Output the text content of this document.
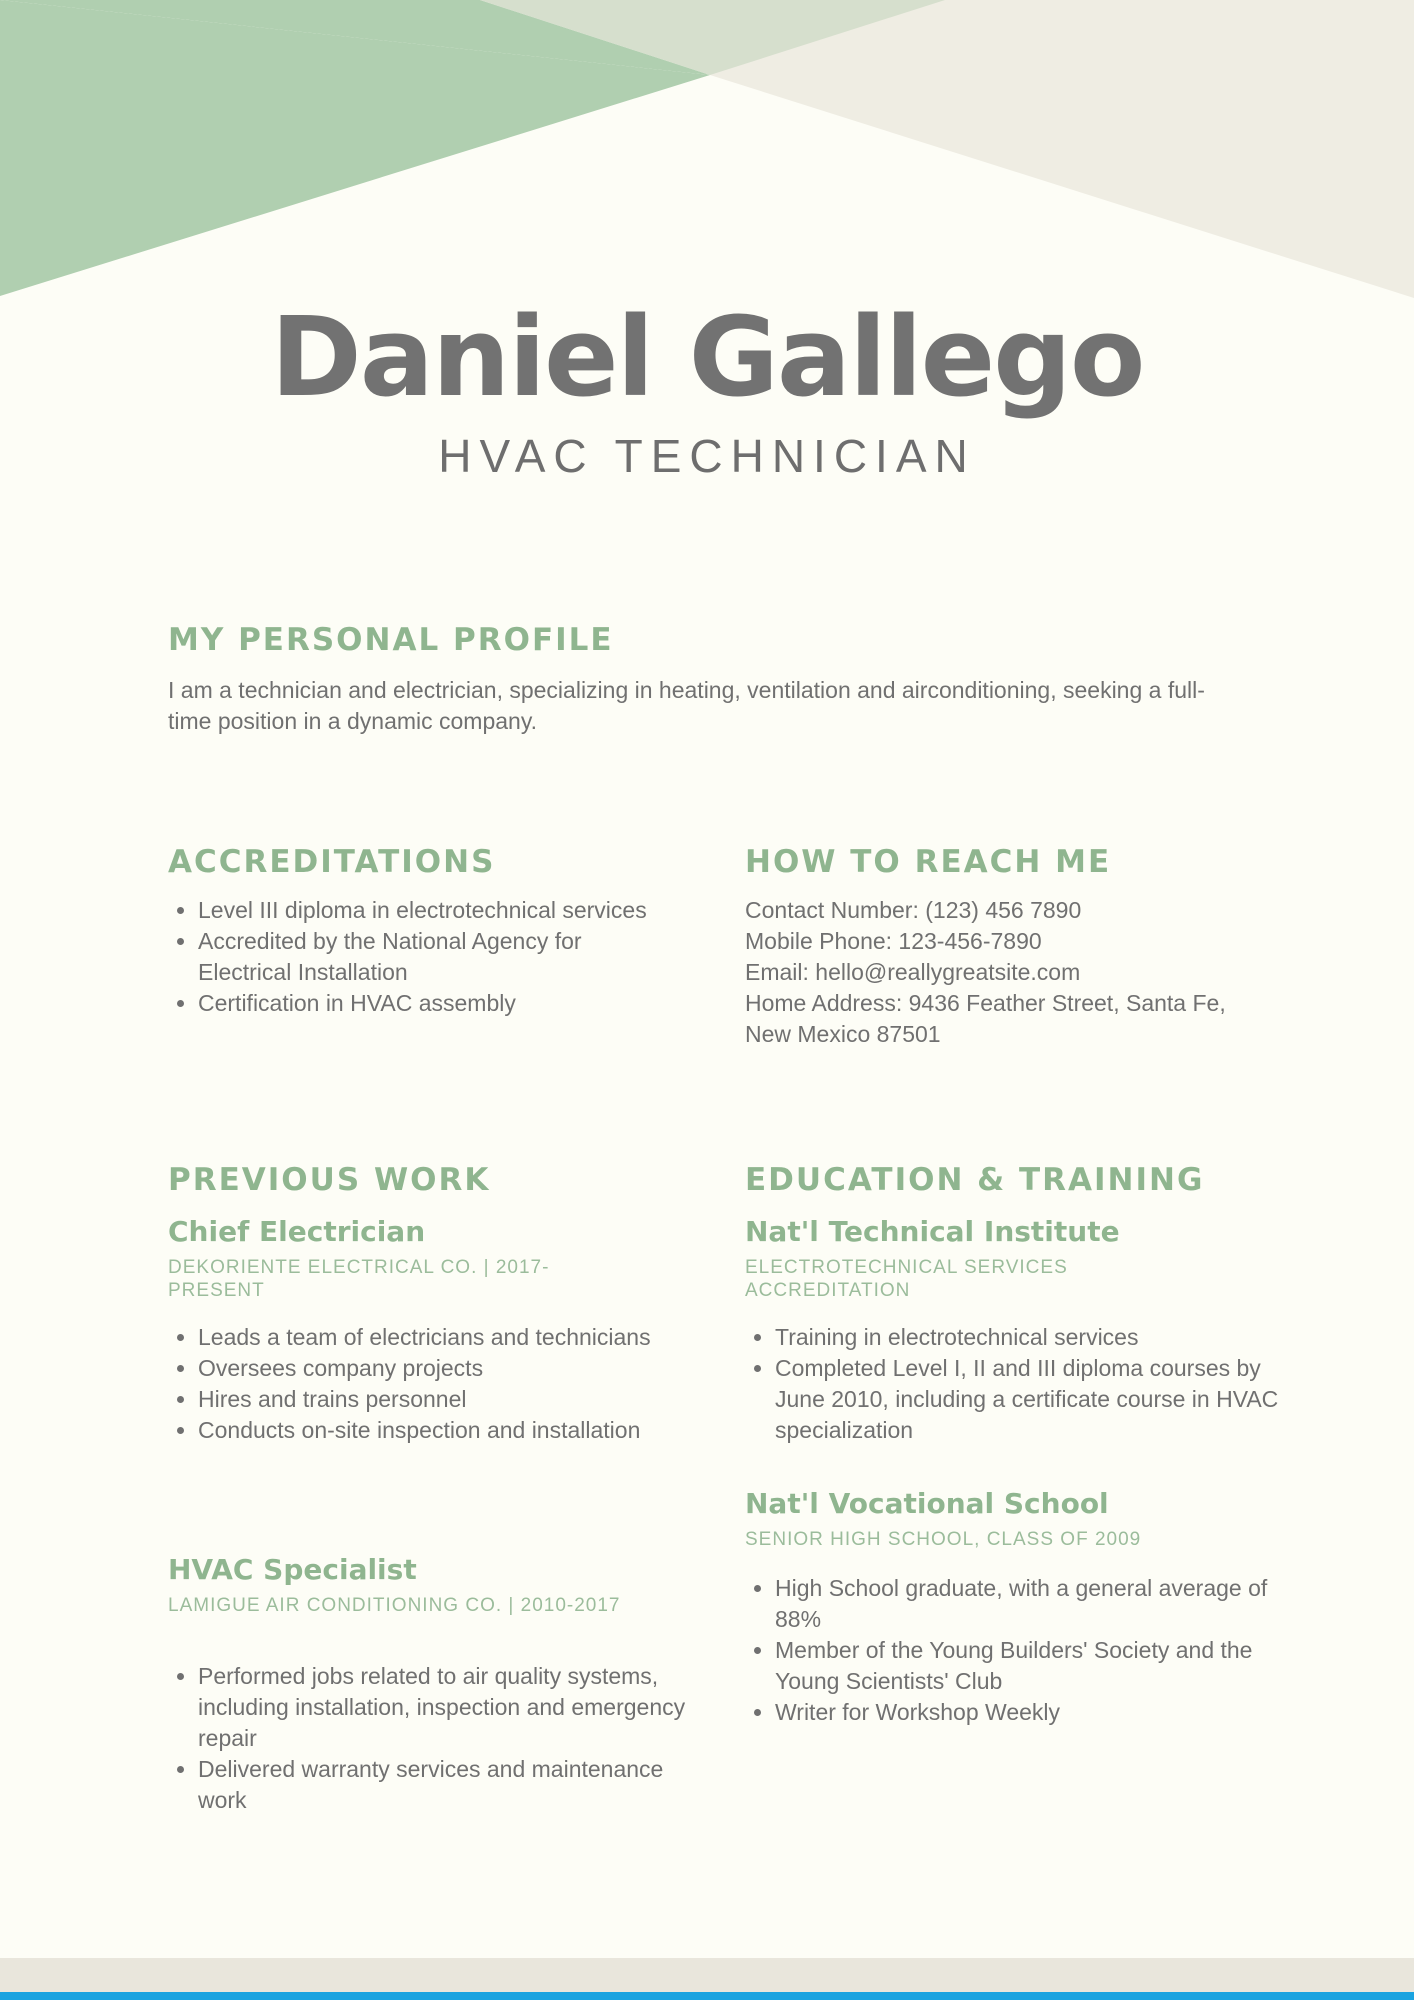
Daniel Gallego
HVAC TECHNICIAN
MY PERSONAL PROFILE

I am a technician and electrician, specializing in heating, ventilation and airconditioning, seeking a full-time position in a dynamic company.

ACCREDITATIONS
• Level III diploma in electrotechnical services
• Accredited by the National Agency for Electrical Installation
• Certification in HVAC assembly
HOW TO REACH ME
Contact Number: (123) 456 7890
Mobile Phone: 123-456-7890
Email: hello@reallygreatsite.com
Home Address: 9436 Feather Street, Santa Fe, New Mexico 87501
PREVIOUS WORK
Chief Electrician

DEKORIENTE ELECTRICAL CO. | 2017-PRESENT

• Leads a team of electricians and technicians
• Oversees company projects
• Hires and trains personnel
• Conducts on-site inspection and installation
HVAC Specialist

LAMIGUE AIR CONDITIONING CO. | 2010-2017

• Performed jobs related to air quality systems, including installation, inspection and emergency repair
• Delivered warranty services and maintenance work
EDUCATION & TRAINING
Nat'l Technical Institute

ELECTROTECHNICAL SERVICES ACCREDITATION

• Training in electrotechnical services
• Completed Level I, II and III diploma courses by June 2010, including a certificate course in HVAC specialization
Nat'l Vocational School

SENIOR HIGH SCHOOL, CLASS OF 2009

• High School graduate, with a general average of 88%
• Member of the Young Builders' Society and the Young Scientists' Club
• Writer for Workshop Weekly
